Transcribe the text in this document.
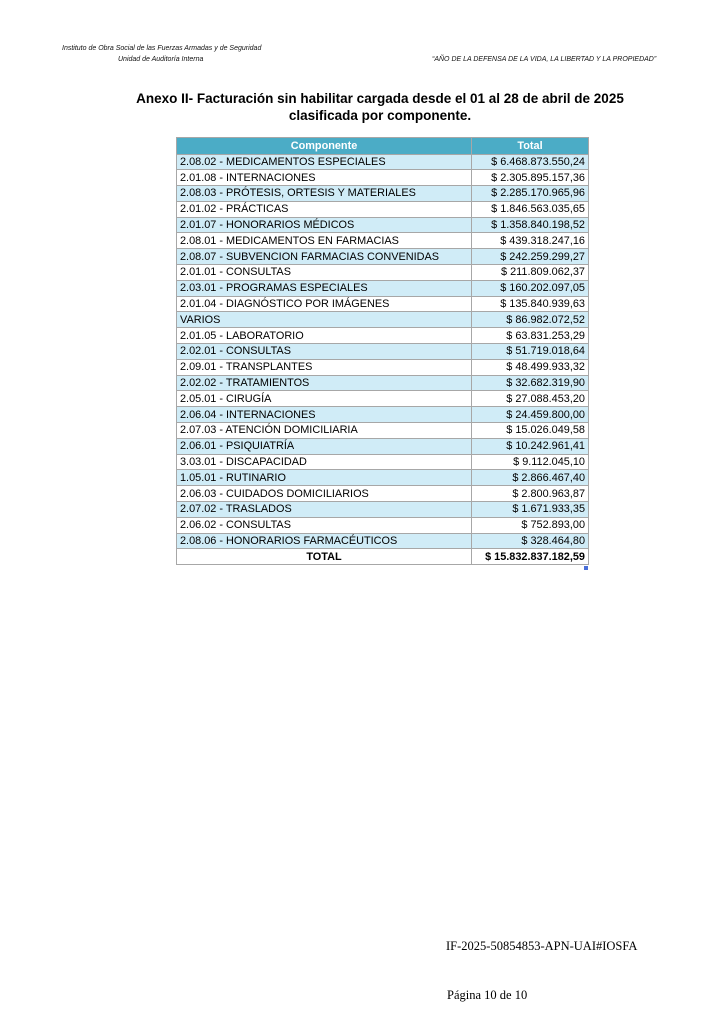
Instituto de Obra Social de las Fuerzas Armadas y de Seguridad
Unidad de Auditoría Interna	“AÑO DE LA DEFENSA DE LA VIDA, LA LIBERTAD Y LA PROPIEDAD”
Anexo II- Facturación sin habilitar cargada desde el 01 al 28 de abril de 2025
clasificada por componente.
Componente	Total
2.08.02 - MEDICAMENTOS ESPECIALES	$ 6.468.873.550,24
2.01.08 - INTERNACIONES	$ 2.305.895.157,36
2.08.03 - PRÓTESIS, ORTESIS Y MATERIALES	$ 2.285.170.965,96
2.01.02 - PRÁCTICAS	$ 1.846.563.035,65
2.01.07 - HONORARIOS MÉDICOS	$ 1.358.840.198,52
2.08.01 - MEDICAMENTOS EN FARMACIAS	$ 439.318.247,16
2.08.07 - SUBVENCION FARMACIAS CONVENIDAS	$ 242.259.299,27
2.01.01 - CONSULTAS	$ 211.809.062,37
2.03.01 - PROGRAMAS ESPECIALES	$ 160.202.097,05
2.01.04 - DIAGNÓSTICO POR IMÁGENES	$ 135.840.939,63
VARIOS	$ 86.982.072,52
2.01.05 - LABORATORIO	$ 63.831.253,29
2.02.01 - CONSULTAS	$ 51.719.018,64
2.09.01 - TRANSPLANTES	$ 48.499.933,32
2.02.02 - TRATAMIENTOS	$ 32.682.319,90
2.05.01 - CIRUGÍA	$ 27.088.453,20
2.06.04 - INTERNACIONES	$ 24.459.800,00
2.07.03 - ATENCIÓN DOMICILIARIA	$ 15.026.049,58
2.06.01 - PSIQUIATRÍA	$ 10.242.961,41
3.03.01 - DISCAPACIDAD	$ 9.112.045,10
1.05.01 - RUTINARIO	$ 2.866.467,40
2.06.03 - CUIDADOS DOMICILIARIOS	$ 2.800.963,87
2.07.02 - TRASLADOS	$ 1.671.933,35
2.06.02 - CONSULTAS	$ 752.893,00
2.08.06 - HONORARIOS FARMACÉUTICOS	$ 328.464,80
TOTAL	$ 15.832.837.182,59
IF-2025-50854853-APN-UAI#IOSFA
Página 10 de 10
